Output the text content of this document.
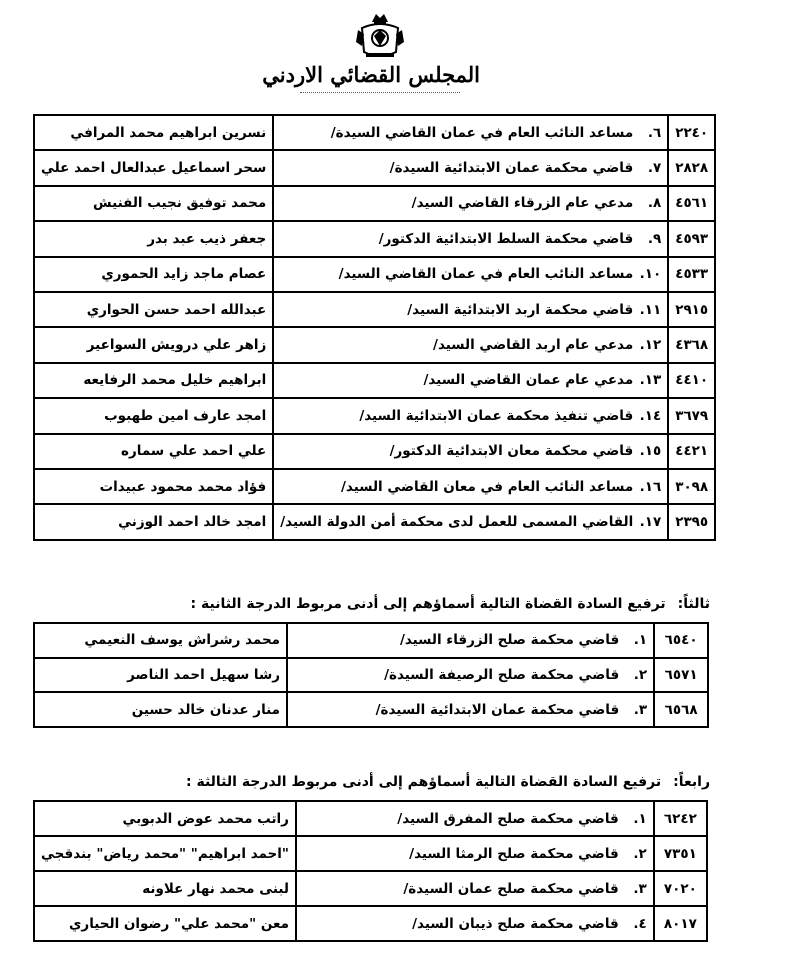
المجلس القضائي الاردني
٢٢٤٠	٦.مساعد النائب العام في عمان القاضي السيدة/	نسرين ابراهيم محمد المرافي
٢٨٢٨	٧.قاضي محكمة عمان الابتدائية السيدة/	سحر اسماعيل عبدالعال احمد علي
٤٥٦١	٨.مدعي عام الزرقاء القاضي السيد/	محمد توفيق نجيب الفنيش
٤٥٩٣	٩.قاضي محكمة السلط الابتدائية الدكتور/	جعفر ذيب عبد بدر
٤٥٣٣	١٠.مساعد النائب العام في عمان القاضي السيد/	عصام ماجد زايد الحموري
٢٩١٥	١١.قاضي محكمة اربد الابتدائية السيد/	عبدالله احمد حسن الحواري
٤٣٦٨	١٢.مدعي عام اربد القاضي السيد/	زاهر علي درويش السواعير
٤٤١٠	١٣.مدعي عام عمان القاضي السيد/	ابراهيم خليل محمد الرفايعه
٣٦٧٩	١٤.قاضي تنفيذ محكمة عمان الابتدائية السيد/	امجد عارف امين طهبوب
٤٤٢١	١٥.قاضي محكمة معان الابتدائية الدكتور/	علي احمد علي سماره
٣٠٩٨	١٦.مساعد النائب العام في معان القاضي السيد/	فؤاد محمد محمود عبيدات
٢٣٩٥	١٧.القاضي المسمى للعمل لدى محكمة أمن الدولة السيد/	امجد خالد احمد الوزني
ثالثاً:ترفيع السادة القضاة التالية أسماؤهم إلى أدنى مربوط الدرجة الثانية :
٦٥٤٠	١.قاضي محكمة صلح الزرقاء السيد/	محمد رشراش يوسف النعيمي
٦٥٧١	٢.قاضي محكمة صلح الرصيفة السيدة/	رشا سهيل احمد الناصر
٦٥٦٨	٣.قاضي محكمة عمان الابتدائية السيدة/	منار عدنان خالد حسين
رابعاً:ترفيع السادة القضاة التالية أسماؤهم إلى أدنى مربوط الدرجة الثالثة :
٦٢٤٢	١.قاضي محكمة صلح المفرق السيد/	راتب محمد عوض الدبوبي
٧٣٥١	٢.قاضي محكمة صلح الرمثا السيد/	"احمد ابراهيم" "محمد رياض" بندقجي
٧٠٢٠	٣.قاضي محكمة صلح عمان السيدة/	لبنى محمد نهار علاونه
٨٠١٧	٤.قاضي محكمة صلح ذيبان السيد/	معن "محمد علي" رضوان الحياري
